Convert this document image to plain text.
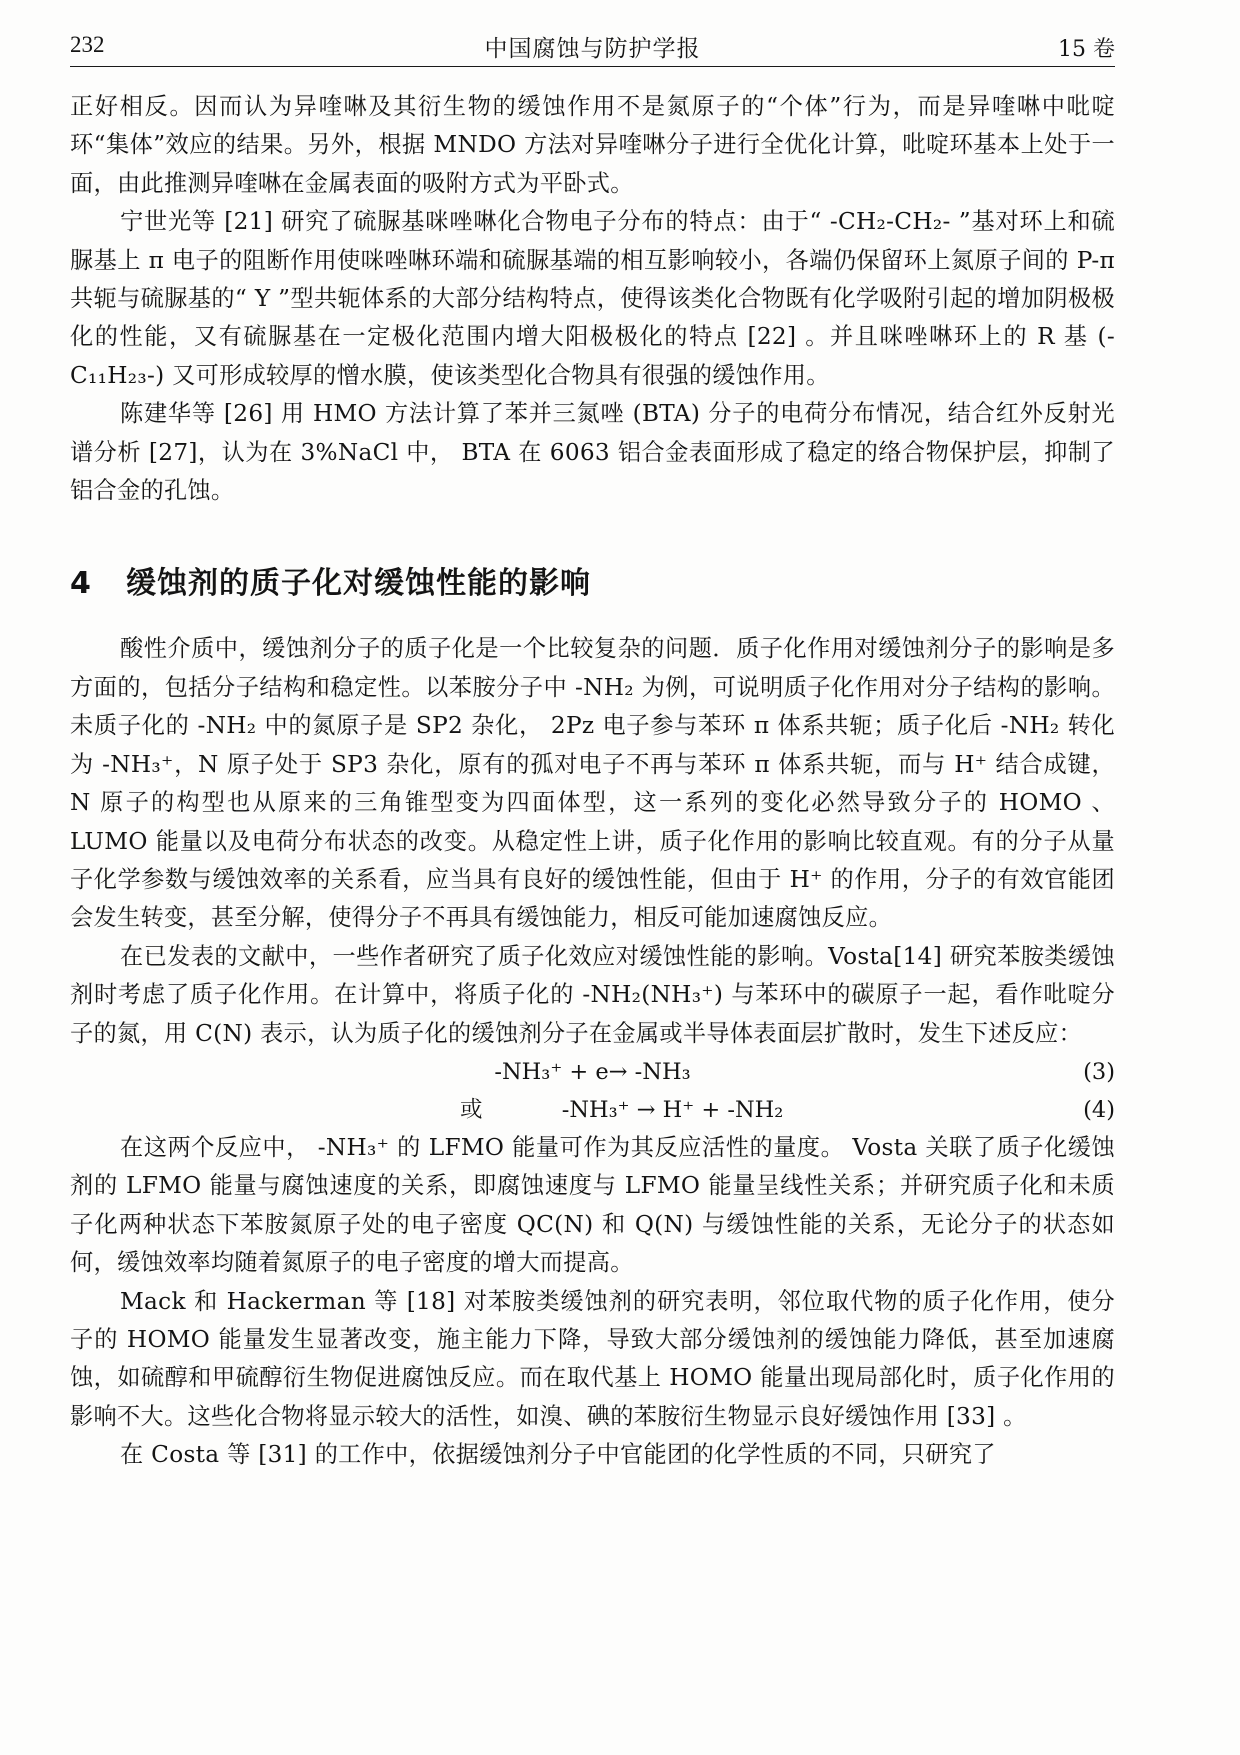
232	中国腐蚀与防护学报	15 卷

正好相反。因而认为异喹啉及其衍生物的缓蚀作用不是氮原子的“个体”行为，而是异喹啉中吡啶环“集体”效应的结果。另外，根据 MNDO 方法对异喹啉分子进行全优化计算，吡啶环基本上处于一面，由此推测异喹啉在金属表面的吸附方式为平卧式。

宁世光等 [21] 研究了硫脲基咪唑啉化合物电子分布的特点：由于“ -CH₂-CH₂- ”基对环上和硫脲基上 π 电子的阻断作用使咪唑啉环端和硫脲基端的相互影响较小，各端仍保留环上氮原子间的 P-π 共轭与硫脲基的“ Y ”型共轭体系的大部分结构特点，使得该类化合物既有化学吸附引起的增加阴极极化的性能，又有硫脲基在一定极化范围内增大阳极极化的特点 [22] 。并且咪唑啉环上的 R 基 (-C₁₁H₂₃-) 又可形成较厚的憎水膜，使该类型化合物具有很强的缓蚀作用。

陈建华等 [26] 用 HMO 方法计算了苯并三氮唑 (BTA) 分子的电荷分布情况，结合红外反射光谱分析 [27]，认为在 3%NaCl 中， BTA 在 6063 铝合金表面形成了稳定的络合物保护层，抑制了铝合金的孔蚀。

4 缓蚀剂的质子化对缓蚀性能的影响

酸性介质中，缓蚀剂分子的质子化是一个比较复杂的问题．质子化作用对缓蚀剂分子的影响是多方面的，包括分子结构和稳定性。以苯胺分子中 -NH₂ 为例，可说明质子化作用对分子结构的影响。未质子化的 -NH₂ 中的氮原子是 SP2 杂化， 2Pz 电子参与苯环 π 体系共轭；质子化后 -NH₂ 转化为 -NH₃⁺，N 原子处于 SP3 杂化，原有的孤对电子不再与苯环 π 体系共轭，而与 H⁺ 结合成键， N 原子的构型也从原来的三角锥型变为四面体型，这一系列的变化必然导致分子的 HOMO 、 LUMO 能量以及电荷分布状态的改变。从稳定性上讲，质子化作用的影响比较直观。有的分子从量子化学参数与缓蚀效率的关系看，应当具有良好的缓蚀性能，但由于 H⁺ 的作用，分子的有效官能团会发生转变，甚至分解，使得分子不再具有缓蚀能力，相反可能加速腐蚀反应。

在已发表的文献中，一些作者研究了质子化效应对缓蚀性能的影响。Vosta[14] 研究苯胺类缓蚀剂时考虑了质子化作用。在计算中，将质子化的 -NH₂(NH₃⁺) 与苯环中的碳原子一起，看作吡啶分子的氮，用 C(N) 表示，认为质子化的缓蚀剂分子在金属或半导体表面层扩散时，发生下述反应：

-NH₃⁺ + e→ -NH₃	(3)
或	-NH₃⁺ → H⁺ + -NH₂	(4)

在这两个反应中， -NH₃⁺ 的 LFMO 能量可作为其反应活性的量度。 Vosta 关联了质子化缓蚀剂的 LFMO 能量与腐蚀速度的关系，即腐蚀速度与 LFMO 能量呈线性关系；并研究质子化和未质子化两种状态下苯胺氮原子处的电子密度 QC(N) 和 Q(N) 与缓蚀性能的关系，无论分子的状态如何，缓蚀效率均随着氮原子的电子密度的增大而提高。

Mack 和 Hackerman 等 [18] 对苯胺类缓蚀剂的研究表明，邻位取代物的质子化作用，使分子的 HOMO 能量发生显著改变，施主能力下降，导致大部分缓蚀剂的缓蚀能力降低，甚至加速腐蚀，如硫醇和甲硫醇衍生物促进腐蚀反应。而在取代基上 HOMO 能量出现局部化时，质子化作用的影响不大。这些化合物将显示较大的活性，如溴、碘的苯胺衍生物显示良好缓蚀作用 [33] 。

在 Costa 等 [31] 的工作中，依据缓蚀剂分子中官能团的化学性质的不同，只研究了
